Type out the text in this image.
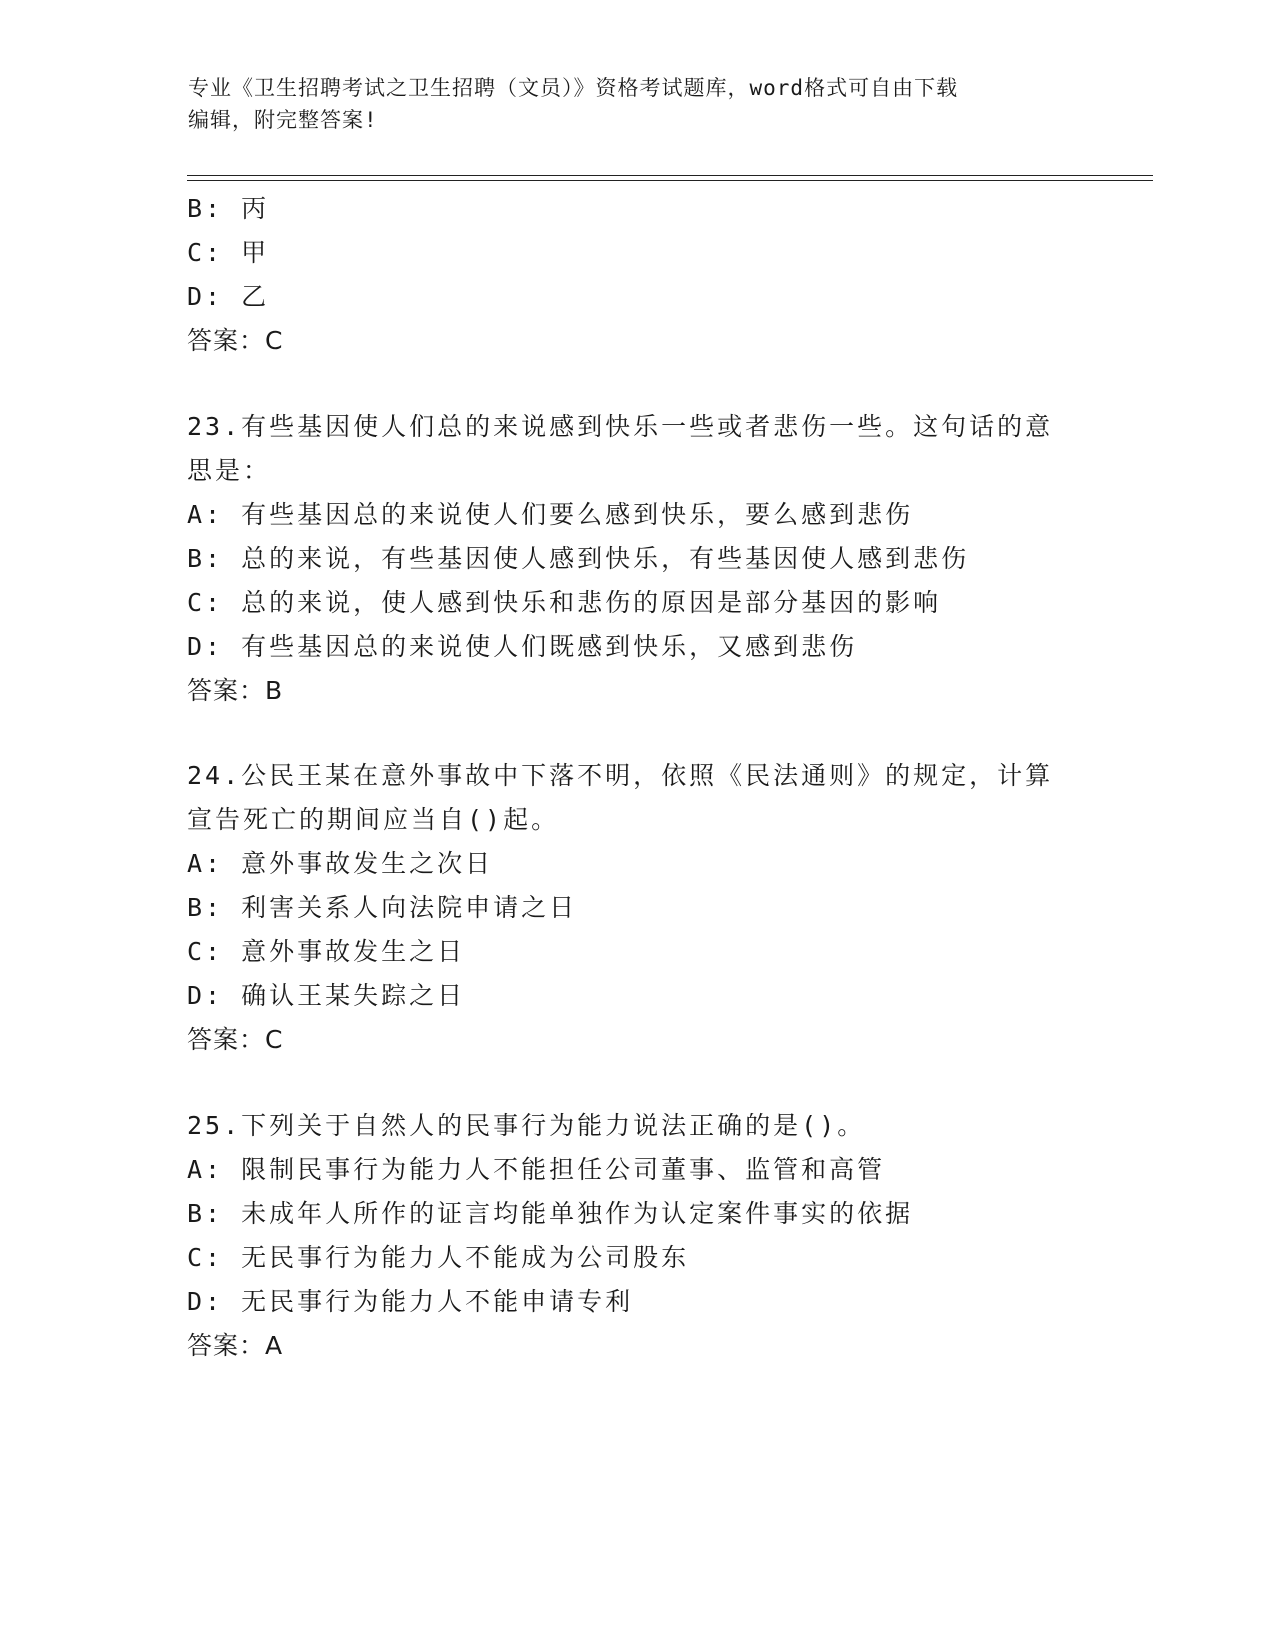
专业《卫生招聘考试之卫生招聘（文员）》资格考试题库，word格式可自由下载
编辑，附完整答案!
B: 丙
C: 甲
D: 乙
答案：C
23.有些基因使人们总的来说感到快乐一些或者悲伤一些。这句话的意
思是：
A: 有些基因总的来说使人们要么感到快乐，要么感到悲伤
B: 总的来说，有些基因使人感到快乐，有些基因使人感到悲伤
C: 总的来说，使人感到快乐和悲伤的原因是部分基因的影响
D: 有些基因总的来说使人们既感到快乐，又感到悲伤
答案：B
24.公民王某在意外事故中下落不明，依照《民法通则》的规定，计算
宣告死亡的期间应当自()起。
A: 意外事故发生之次日
B: 利害关系人向法院申请之日
C: 意外事故发生之日
D: 确认王某失踪之日
答案：C
25.下列关于自然人的民事行为能力说法正确的是()。
A: 限制民事行为能力人不能担任公司董事、监管和高管
B: 未成年人所作的证言均能单独作为认定案件事实的依据
C: 无民事行为能力人不能成为公司股东
D: 无民事行为能力人不能申请专利
答案：A
